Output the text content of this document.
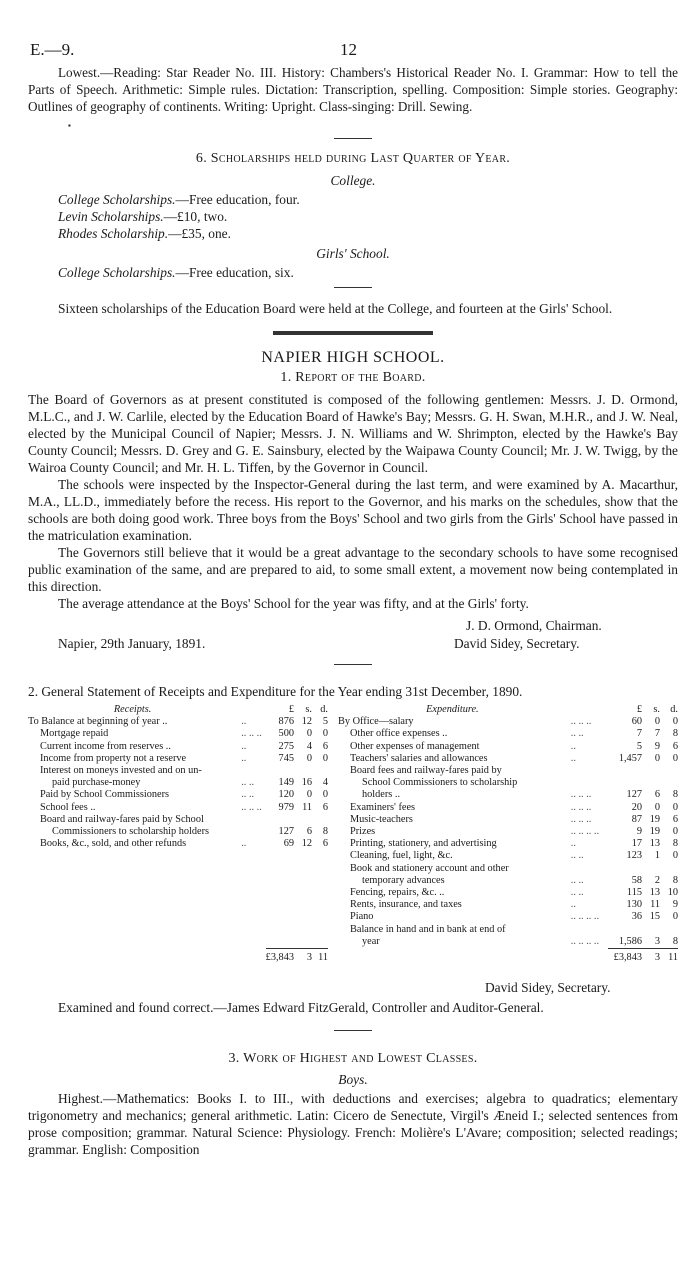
E.—9.	12

Lowest.—Reading: Star Reader No. III. History: Chambers's Historical Reader No. I. Grammar: How to tell the Parts of Speech. Arithmetic: Simple rules. Dictation: Transcription, spelling. Composition: Simple stories. Geography: Outlines of geography of continents. Writing: Upright. Class-singing: Drill. Sewing.

▪
6. Scholarships held during Last Quarter of Year.
College.
College Scholarships.—Free education, four.
Levin Scholarships.—£10, two.
Rhodes Scholarship.—£35, one.
Girls' School.
College Scholarships.—Free education, six.

Sixteen scholarships of the Education Board were held at the College, and fourteen at the Girls' School.

NAPIER HIGH SCHOOL.
1. Report of the Board.

The Board of Governors as at present constituted is composed of the following gentlemen: Messrs. J. D. Ormond, M.L.C., and J. W. Carlile, elected by the Education Board of Hawke's Bay; Messrs. G. H. Swan, M.H.R., and J. W. Neal, elected by the Municipal Council of Napier; Messrs. J. N. Williams and W. Shrimpton, elected by the Hawke's Bay County Council; Messrs. D. Grey and G. E. Sainsbury, elected by the Waipawa County Council; Mr. J. W. Twigg, by the Wairoa County Council; and Mr. H. L. Tiffen, by the Governor in Council.

The schools were inspected by the Inspector-General during the last term, and were examined by A. Macarthur, M.A., LL.D., immediately before the recess. His report to the Governor, and his marks on the schedules, show that the schools are both doing good work. Three boys from the Boys' School and two girls from the Girls' School have passed in the matriculation examination.

The Governors still believe that it would be a great advantage to the secondary schools to have some recognised public examination of the same, and are prepared to aid, to some small extent, a movement now being contemplated in this direction.

The average attendance at the Boys' School for the year was fifty, and at the Girls' forty.

J. D. Ormond, Chairman.
Napier, 29th January, 1891.	David Sidey, Secretary.

2. General Statement of Receipts and Expenditure for the Year ending 31st December, 1890.

Receipts.		£	s.	d.
To Balance at beginning of year ..	..	876	12	5
Mortgage repaid	.. .. ..	500	0	0
Current income from reserves ..	..	275	4	6
Income from property not a reserve	..	745	0	0
Interest on moneys invested and on un-				
paid purchase-money	.. ..	149	16	4
Paid by School Commissioners	.. ..	120	0	0
School fees ..	.. .. ..	979	11	6
Board and railway-fares paid by School				
Commissioners to scholarship holders		127	6	8
Books, &c., sold, and other refunds	..	69	12	6

		£3,843	3	11
Expenditure.		£	s.	d.
By Office—salary	.. .. ..	60	0	0
Other office expenses ..	.. ..	7	7	8
Other expenses of management	..	5	9	6
Teachers' salaries and allowances	..	1,457	0	0
Board fees and railway-fares paid by				
School Commissioners to scholarship				
holders ..	.. .. ..	127	6	8
Examiners' fees	.. .. ..	20	0	0
Music-teachers	.. .. ..	87	19	6
Prizes	.. .. .. ..	9	19	0
Printing, stationery, and advertising	..	17	13	8
Cleaning, fuel, light, &c.	.. ..	123	1	0
Book and stationery account and other				
temporary advances	.. ..	58	2	8
Fencing, repairs, &c. ..	.. ..	115	13	10
Rents, insurance, and taxes	..	130	11	9
Piano	.. .. .. ..	36	15	0
Balance in hand and in bank at end of				
year	.. .. .. ..	1,586	3	8

		£3,843	3	11
David Sidey, Secretary.
Examined and found correct.—James Edward FitzGerald, Controller and Auditor-General.
3. Work of Highest and Lowest Classes.
Boys.

Highest.—Mathematics: Books I. to III., with deductions and exercises; algebra to quadratics; elementary trigonometry and mechanics; general arithmetic. Latin: Cicero de Senectute, Virgil's Æneid I.; selected sentences from prose composition; grammar. Natural Science: Physiology. French: Molière's L'Avare; composition; selected readings; grammar. English: Composition
